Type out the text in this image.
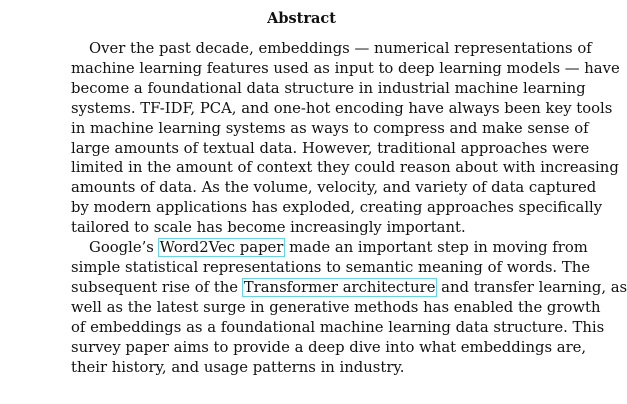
Abstract
Over the past decade, embeddings — numerical representations of
machine learning features used as input to deep learning models — have
become a foundational data structure in industrial machine learning
systems. TF-IDF, PCA, and one-hot encoding have always been key tools
in machine learning systems as ways to compress and make sense of
large amounts of textual data. However, traditional approaches were
limited in the amount of context they could reason about with increasing
amounts of data. As the volume, velocity, and variety of data captured
by modern applications has exploded, creating approaches specifically
tailored to scale has become increasingly important.
Google’s Word2Vec paper made an important step in moving from
simple statistical representations to semantic meaning of words. The
subsequent rise of the Transformer architecture and transfer learning, as
well as the latest surge in generative methods has enabled the growth
of embeddings as a foundational machine learning data structure. This
survey paper aims to provide a deep dive into what embeddings are,
their history, and usage patterns in industry.
